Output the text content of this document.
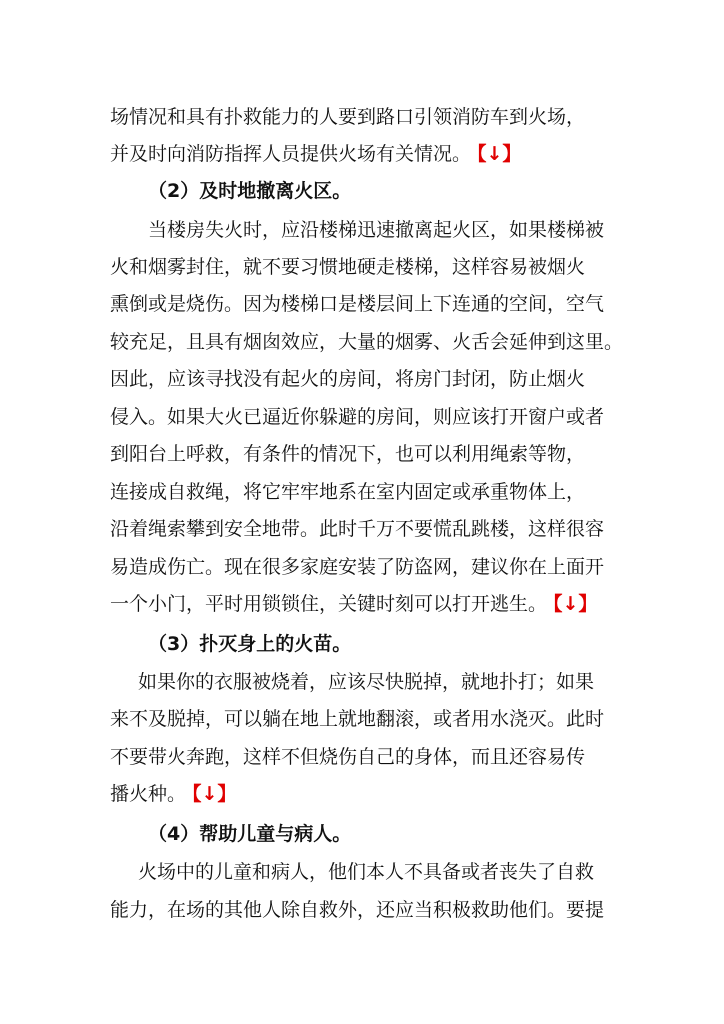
场情况和具有扑救能力的人要到路口引领消防车到火场，
并及时向消防指挥人员提供火场有关情况。 【↓】
（2）及时地撤离火区。
当楼房失火时，应沿楼梯迅速撤离起火区，如果楼梯被
火和烟雾封住，就不要习惯地硬走楼梯，这样容易被烟火
熏倒或是烧伤。因为楼梯口是楼层间上下连通的空间，空气
较充足，且具有烟囱效应，大量的烟雾、火舌会延伸到这里。
因此，应该寻找没有起火的房间，将房门封闭，防止烟火
侵入。如果大火已逼近你躲避的房间，则应该打开窗户或者
到阳台上呼救，有条件的情况下，也可以利用绳索等物，
连接成自救绳，将它牢牢地系在室内固定或承重物体上，
沿着绳索攀到安全地带。此时千万不要慌乱跳楼，这样很容
易造成伤亡。现在很多家庭安装了防盗网，建议你在上面开
一个小门，平时用锁锁住，关键时刻可以打开逃生。 【↓】
（3）扑灭身上的火苗。
如果你的衣服被烧着，应该尽快脱掉，就地扑打；如果
来不及脱掉，可以躺在地上就地翻滚，或者用水浇灭。此时
不要带火奔跑，这样不但烧伤自己的身体，而且还容易传
播火种。 【↓】
（4）帮助儿童与病人。
火场中的儿童和病人，他们本人不具备或者丧失了自救
能力，在场的其他人除自救外，还应当积极救助他们。要提
